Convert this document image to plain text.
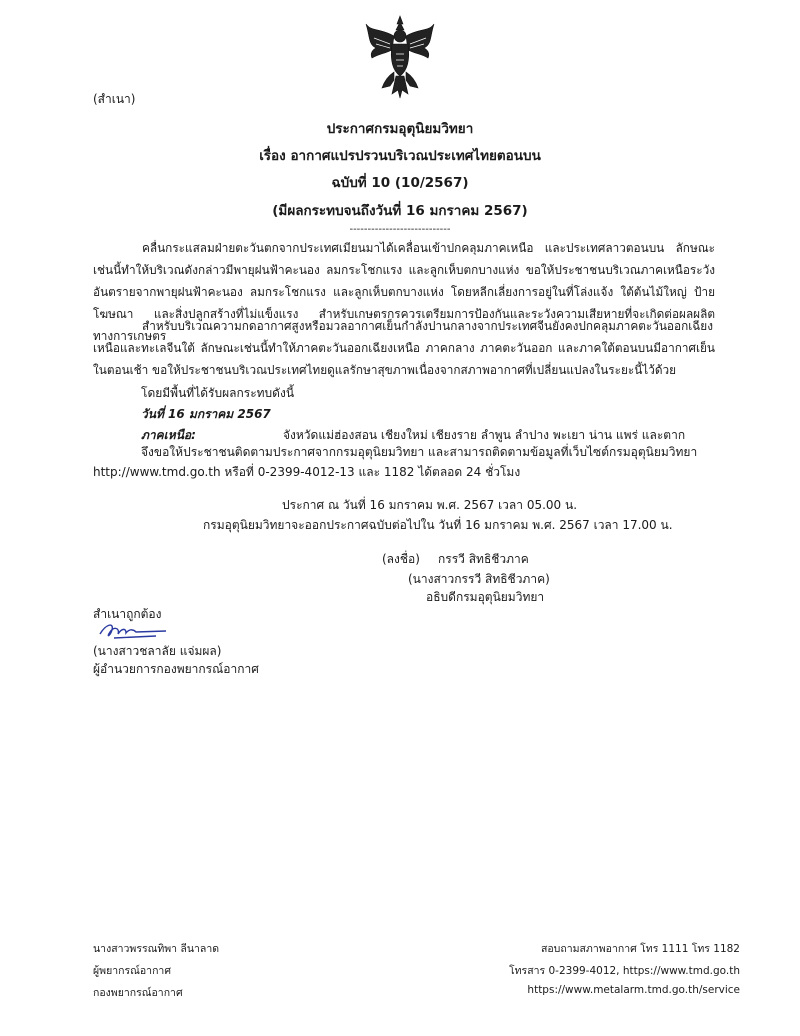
(สำเนา)
ประกาศกรมอุตุนิยมวิทยา
เรื่อง อากาศแปรปรวนบริเวณประเทศไทยตอนบน
ฉบับที่ 10 (10/2567)
(มีผลกระทบจนถึงวันที่ 16 มกราคม 2567)
----------------------------

คลื่นกระแสลมฝ่ายตะวันตกจากประเทศเมียนมาได้เคลื่อนเข้าปกคลุมภาคเหนือ และประเทศลาวตอนบน ลักษณะเช่นนี้ทำให้บริเวณดังกล่าวมีพายุฝนฟ้าคะนอง ลมกระโชกแรง และลูกเห็บตกบางแห่ง ขอให้ประชาชนบริเวณภาคเหนือระวังอันตรายจากพายุฝนฟ้าคะนอง ลมกระโชกแรง และลูกเห็บตกบางแห่ง โดยหลีกเลี่ยงการอยู่ในที่โล่งแจ้ง ใต้ต้นไม้ใหญ่ ป้ายโฆษณา และสิ่งปลูกสร้างที่ไม่แข็งแรง สำหรับเกษตรกรควรเตรียมการป้องกันและระวังความเสียหายที่จะเกิดต่อผลผลิตทางการเกษตร

สำหรับบริเวณความกดอากาศสูงหรือมวลอากาศเย็นกำลังปานกลางจากประเทศจีนยังคงปกคลุมภาคตะวันออกเฉียงเหนือและทะเลจีนใต้ ลักษณะเช่นนี้ทำให้ภาคตะวันออกเฉียงเหนือ ภาคกลาง ภาคตะวันออก และภาคใต้ตอนบนมีอากาศเย็นในตอนเช้า ขอให้ประชาชนบริเวณประเทศไทยดูแลรักษาสุขภาพเนื่องจากสภาพอากาศที่เปลี่ยนแปลงในระยะนี้ไว้ด้วย

โดยมีพื้นที่ได้รับผลกระทบดังนี้
วันที่ 16 มกราคม 2567
ภาคเหนือ:	จังหวัดแม่ฮ่องสอน เชียงใหม่ เชียงราย ลำพูน ลำปาง พะเยา น่าน แพร่ และตาก
จึงขอให้ประชาชนติดตามประกาศจากกรมอุตุนิยมวิทยา และสามารถติดตามข้อมูลที่เว็บไซต์กรมอุตุนิยมวิทยา
http://www.tmd.go.th หรือที่ 0-2399-4012-13 และ 1182 ได้ตลอด 24 ชั่วโมง
ประกาศ ณ วันที่ 16 มกราคม พ.ศ. 2567 เวลา 05.00 น.
กรมอุตุนิยมวิทยาจะออกประกาศฉบับต่อไปใน วันที่ 16 มกราคม พ.ศ. 2567 เวลา 17.00 น.
(ลงชื่อ) กรรวี สิทธิชีวภาค
(นางสาวกรรวี สิทธิชีวภาค)
อธิบดีกรมอุตุนิยมวิทยา
สำเนาถูกต้อง
(นางสาวชลาลัย แจ่มผล)
ผู้อำนวยการกองพยากรณ์อากาศ
นางสาวพรรณทิพา ลีนาลาด
ผู้พยากรณ์อากาศ
กองพยากรณ์อากาศ
สอบถามสภาพอากาศ โทร 1111 โทร 1182
โทรสาร 0-2399-4012, https://www.tmd.go.th
https://www.metalarm.tmd.go.th/service
